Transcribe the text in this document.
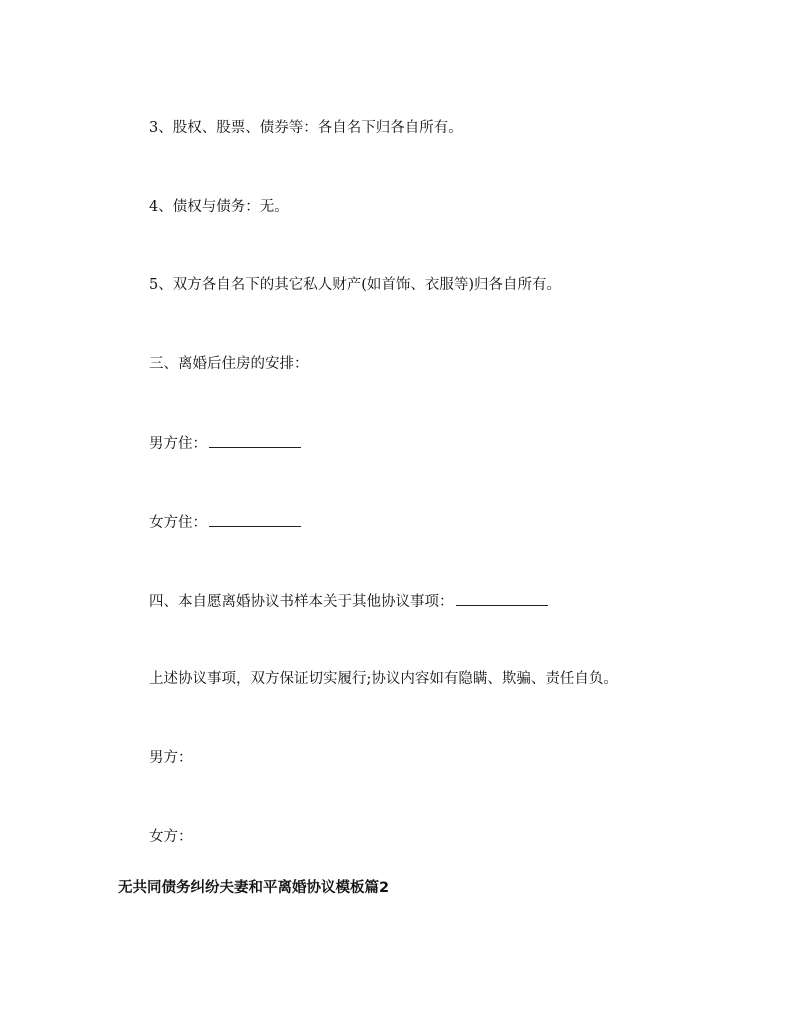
3、股权、股票、债券等：各自名下归各自所有。
4、债权与债务：无。
5、双方各自名下的其它私人财产(如首饰、衣服等)归各自所有。
三、离婚后住房的安排：
男方住：
女方住：
四、本自愿离婚协议书样本关于其他协议事项：
上述协议事项，双方保证切实履行;协议内容如有隐瞒、欺骗、责任自负。
男方：
女方：
无共同债务纠纷夫妻和平离婚协议模板篇2
